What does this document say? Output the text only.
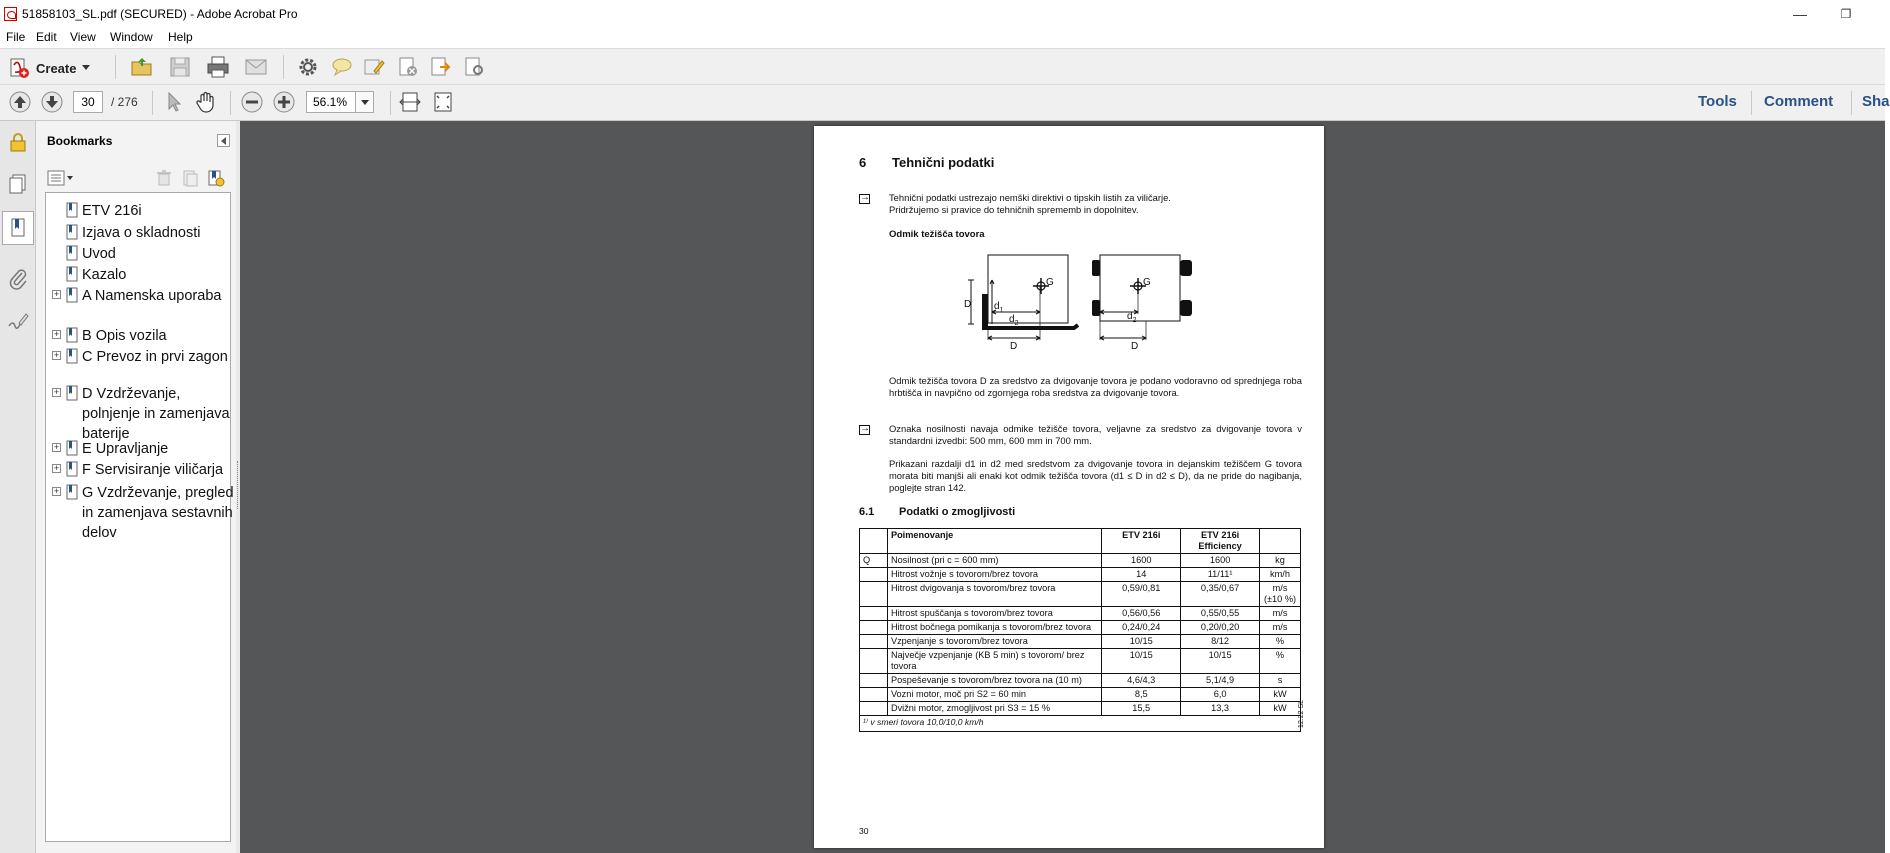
51858103_SL.pdf (SECURED) - Adobe Acrobat Pro	—	❐
File Edit View Window Help
Create
30	/ 276	56.1%	Tools Comment Sha
Bookmarks
ETV 216i
Izjava o skladnosti
Uvod
Kazalo
+ A Namenska uporaba
+ B Opis vozila
+ C Prevoz in prvi zagon
+ D Vzdrževanje, polnjenje in zamenjava baterije
+ E Upravljanje
+ F Servisiranje viličarja
+ G Vzdrževanje, pregled in zamenjava sestavnih delov
6 Tehnični podatki
→
Tehnični podatki ustrezajo nemški direktivi o tipskih listih za viličarje. Pridržujemo si pravice do tehničnih sprememb in dopolnitev.
Odmik težišča tovora
G
D $d_1$
$d_2$
D
G
$d_2$
D
Odmik težišča tovora D za sredstvo za dvigovanje tovora je podano vodoravno od sprednjega roba hrbtišča in navpično od zgornjega roba sredstva za dvigovanje tovora.
→
Oznaka nosilnosti navaja odmike težišče tovora, veljavne za sredstvo za dvigovanje tovora v standardni izvedbi: 500 mm, 600 mm in 700 mm.
Prikazani razdalji d1 in d2 med sredstvom za dvigovanje tovora in dejanskim težiščem G tovora morata biti manjši ali enaki kot odmik težišča tovora (d1 ≤ D in d2 ≤ D), da ne pride do nagibanja, poglejte stran 142.
6.1 Podatki o zmogljivosti
	Poimenovanje	ETV 216i	ETV 216i Efficiency	
Q	Nosilnost (pri c = 600 mm)	1600	1600	kg
	Hitrost vožnje s tovorom/brez tovora	14	11/11¹	km/h
	Hitrost dvigovanja s tovorom/brez tovora	0,59/0,81	0,35/0,67	m/s (±10 %)
	Hitrost spuščanja s tovorom/brez tovora	0,56/0,56	0,55/0,55	m/s
	Hitrost bočnega pomikanja s tovorom/brez tovora	0,24/0,24	0,20/0,20	m/s
	Vzpenjanje s tovorom/brez tovora	10/15	8/12	%
	Največje vzpenjanje (KB 5 min) s tovorom/ brez tovora	10/15	10/15	%
	Pospeševanje s tovorom/brez tovora na (10 m)	4,6/4,3	5,1/4,9	s
	Vozni motor, moč pri S2 = 60 min	8,5	6,0	kW
	Dvižni motor, zmogljivost pri S3 = 15 %	15,5	13,3	kW
¹⁾ v smeri tovora 10,0/10,0 km/h					12.22 SL
30
